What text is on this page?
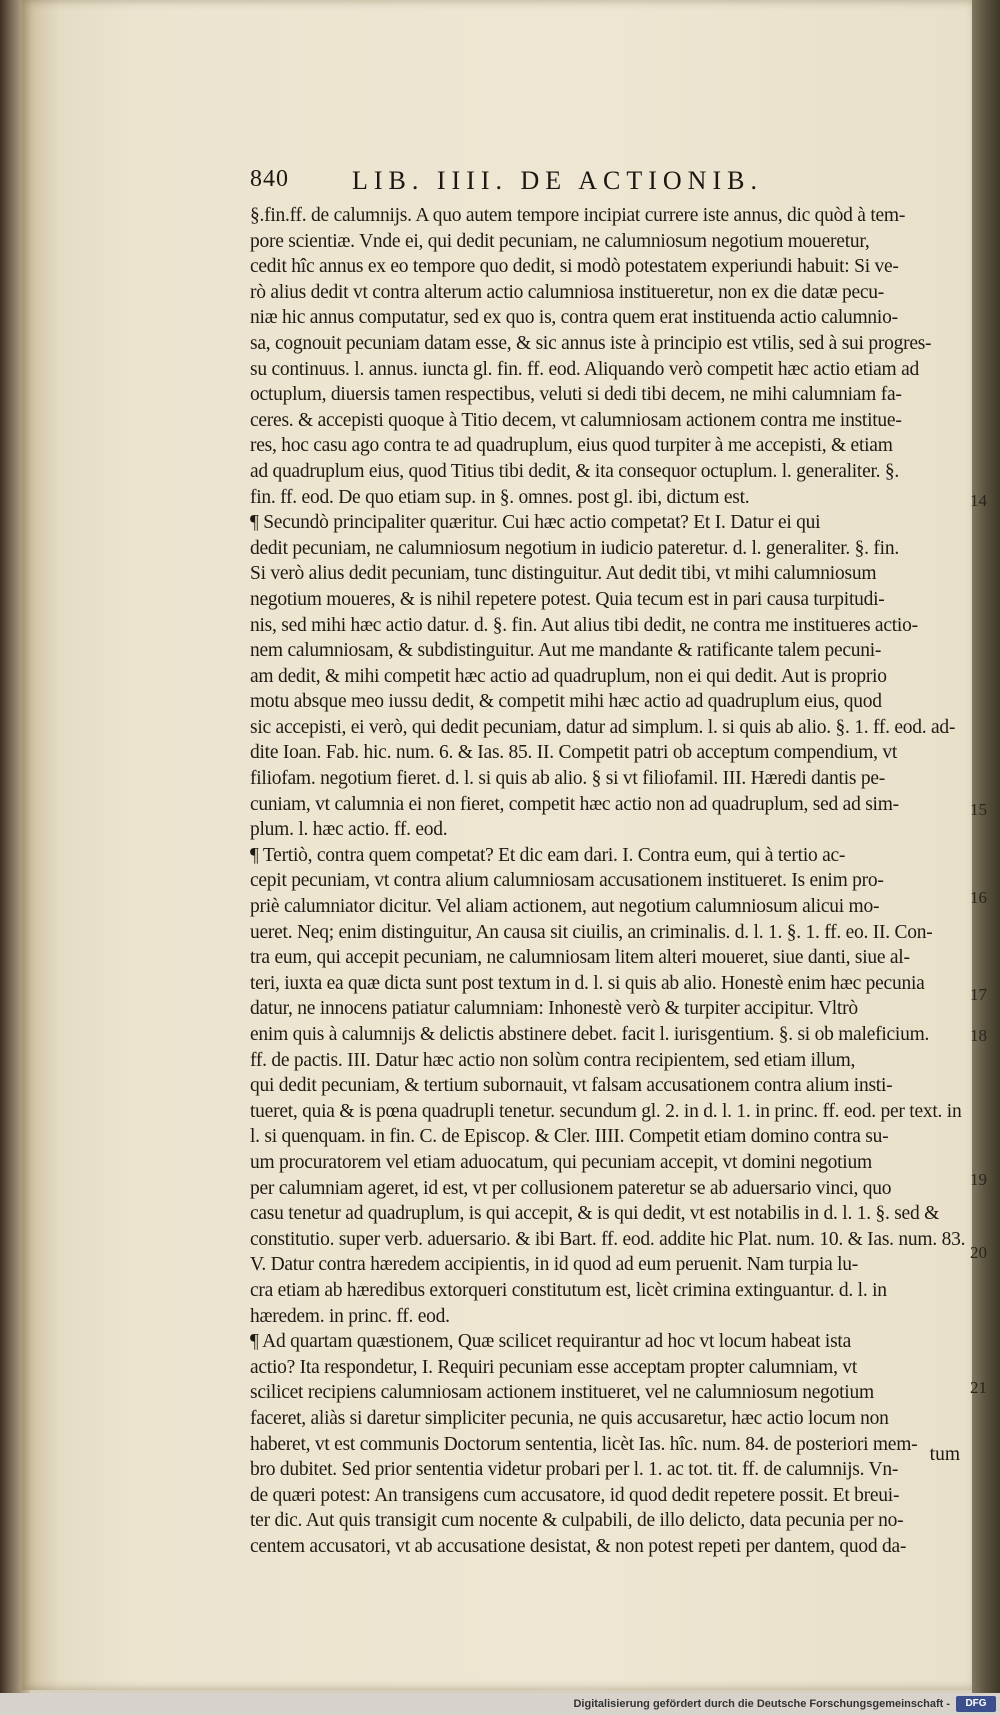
840 LIB. IIII. DE ACTIONIB.
§.fin.ff. de calumnijs. A quo autem tempore incipiat currere iste annus, dic quòd à tem-
pore scientiæ. Vnde ei, qui dedit pecuniam, ne calumniosum negotium moueretur,
cedit hîc annus ex eo tempore quo dedit, si modò potestatem experiundi habuit: Si ve-
rò alius dedit vt contra alterum actio calumniosa institueretur, non ex die datæ pecu-
niæ hic annus computatur, sed ex quo is, contra quem erat instituenda actio calumnio-
sa, cognouit pecuniam datam esse, & sic annus iste à principio est vtilis, sed à sui progres-
su continuus. l. annus. iuncta gl. fin. ff. eod. Aliquando verò competit hæc actio etiam ad
octuplum, diuersis tamen respectibus, veluti si dedi tibi decem, ne mihi calumniam fa-
ceres. & accepisti quoque à Titio decem, vt calumniosam actionem contra me institue-
res, hoc casu ago contra te ad quadruplum, eius quod turpiter à me accepisti, & etiam
ad quadruplum eius, quod Titius tibi dedit, & ita consequor octuplum. l. generaliter. §.
fin. ff. eod. De quo etiam sup. in §. omnes. post gl. ibi, dictum est.
¶ Secundò principaliter quæritur. Cui hæc actio competat? Et I. Datur ei qui
dedit pecuniam, ne calumniosum negotium in iudicio pateretur. d. l. generaliter. §. fin.
Si verò alius dedit pecuniam, tunc distinguitur. Aut dedit tibi, vt mihi calumniosum
negotium moueres, & is nihil repetere potest. Quia tecum est in pari causa turpitudi-
nis, sed mihi hæc actio datur. d. §. fin. Aut alius tibi dedit, ne contra me institueres actio-
nem calumniosam, & subdistinguitur. Aut me mandante & ratificante talem pecuni-
am dedit, & mihi competit hæc actio ad quadruplum, non ei qui dedit. Aut is proprio
motu absque meo iussu dedit, & competit mihi hæc actio ad quadruplum eius, quod
sic accepisti, ei verò, qui dedit pecuniam, datur ad simplum. l. si quis ab alio. §. 1. ff. eod. ad-
dite Ioan. Fab. hic. num. 6. & Ias. 85. II. Competit patri ob acceptum compendium, vt
filiofam. negotium fieret. d. l. si quis ab alio. § si vt filiofamil. III. Hæredi dantis pe-
cuniam, vt calumnia ei non fieret, competit hæc actio non ad quadruplum, sed ad sim-
plum. l. hæc actio. ff. eod.
¶ Tertiò, contra quem competat? Et dic eam dari. I. Contra eum, qui à tertio ac-
cepit pecuniam, vt contra alium calumniosam accusationem institueret. Is enim pro-
priè calumniator dicitur. Vel aliam actionem, aut negotium calumniosum alicui mo-
ueret. Neq; enim distinguitur, An causa sit ciuilis, an criminalis. d. l. 1. §. 1. ff. eo. II. Con-
tra eum, qui accepit pecuniam, ne calumniosam litem alteri moueret, siue danti, siue al-
teri, iuxta ea quæ dicta sunt post textum in d. l. si quis ab alio. Honestè enim hæc pecunia
datur, ne innocens patiatur calumniam: Inhonestè verò & turpiter accipitur. Vltrò
enim quis à calumnijs & delictis abstinere debet. facit l. iurisgentium. §. si ob maleficium.
ff. de pactis. III. Datur hæc actio non solùm contra recipientem, sed etiam illum,
qui dedit pecuniam, & tertium subornauit, vt falsam accusationem contra alium insti-
tueret, quia & is pœna quadrupli tenetur. secundum gl. 2. in d. l. 1. in princ. ff. eod. per text. in
l. si quenquam. in fin. C. de Episcop. & Cler. IIII. Competit etiam domino contra su-
um procuratorem vel etiam aduocatum, qui pecuniam accepit, vt domini negotium
per calumniam ageret, id est, vt per collusionem pateretur se ab aduersario vinci, quo
casu tenetur ad quadruplum, is qui accepit, & is qui dedit, vt est notabilis in d. l. 1. §. sed &
constitutio. super verb. aduersario. & ibi Bart. ff. eod. addite hic Plat. num. 10. & Ias. num. 83.
V. Datur contra hæredem accipientis, in id quod ad eum peruenit. Nam turpia lu-
cra etiam ab hæredibus extorqueri constitutum est, licèt crimina extinguantur. d. l. in
hæredem. in princ. ff. eod.
¶ Ad quartam quæstionem, Quæ scilicet requirantur ad hoc vt locum habeat ista
actio? Ita respondetur, I. Requiri pecuniam esse acceptam propter calumniam, vt
scilicet recipiens calumniosam actionem institueret, vel ne calumniosum negotium
faceret, aliàs si daretur simpliciter pecunia, ne quis accusaretur, hæc actio locum non
haberet, vt est communis Doctorum sententia, licèt Ias. hîc. num. 84. de posteriori mem-
bro dubitet. Sed prior sententia videtur probari per l. 1. ac tot. tit. ff. de calumnijs. Vn-
de quæri potest: An transigens cum accusatore, id quod dedit repetere possit. Et breui-
ter dic. Aut quis transigit cum nocente & culpabili, de illo delicto, data pecunia per no-
centem accusatori, vt ab accusatione desistat, & non potest repeti per dantem, quod da-
14
15
16
17
18
19
20
21
tum
Digitalisierung gefördert durch die Deutsche Forschungsgemeinschaft -	DFG
